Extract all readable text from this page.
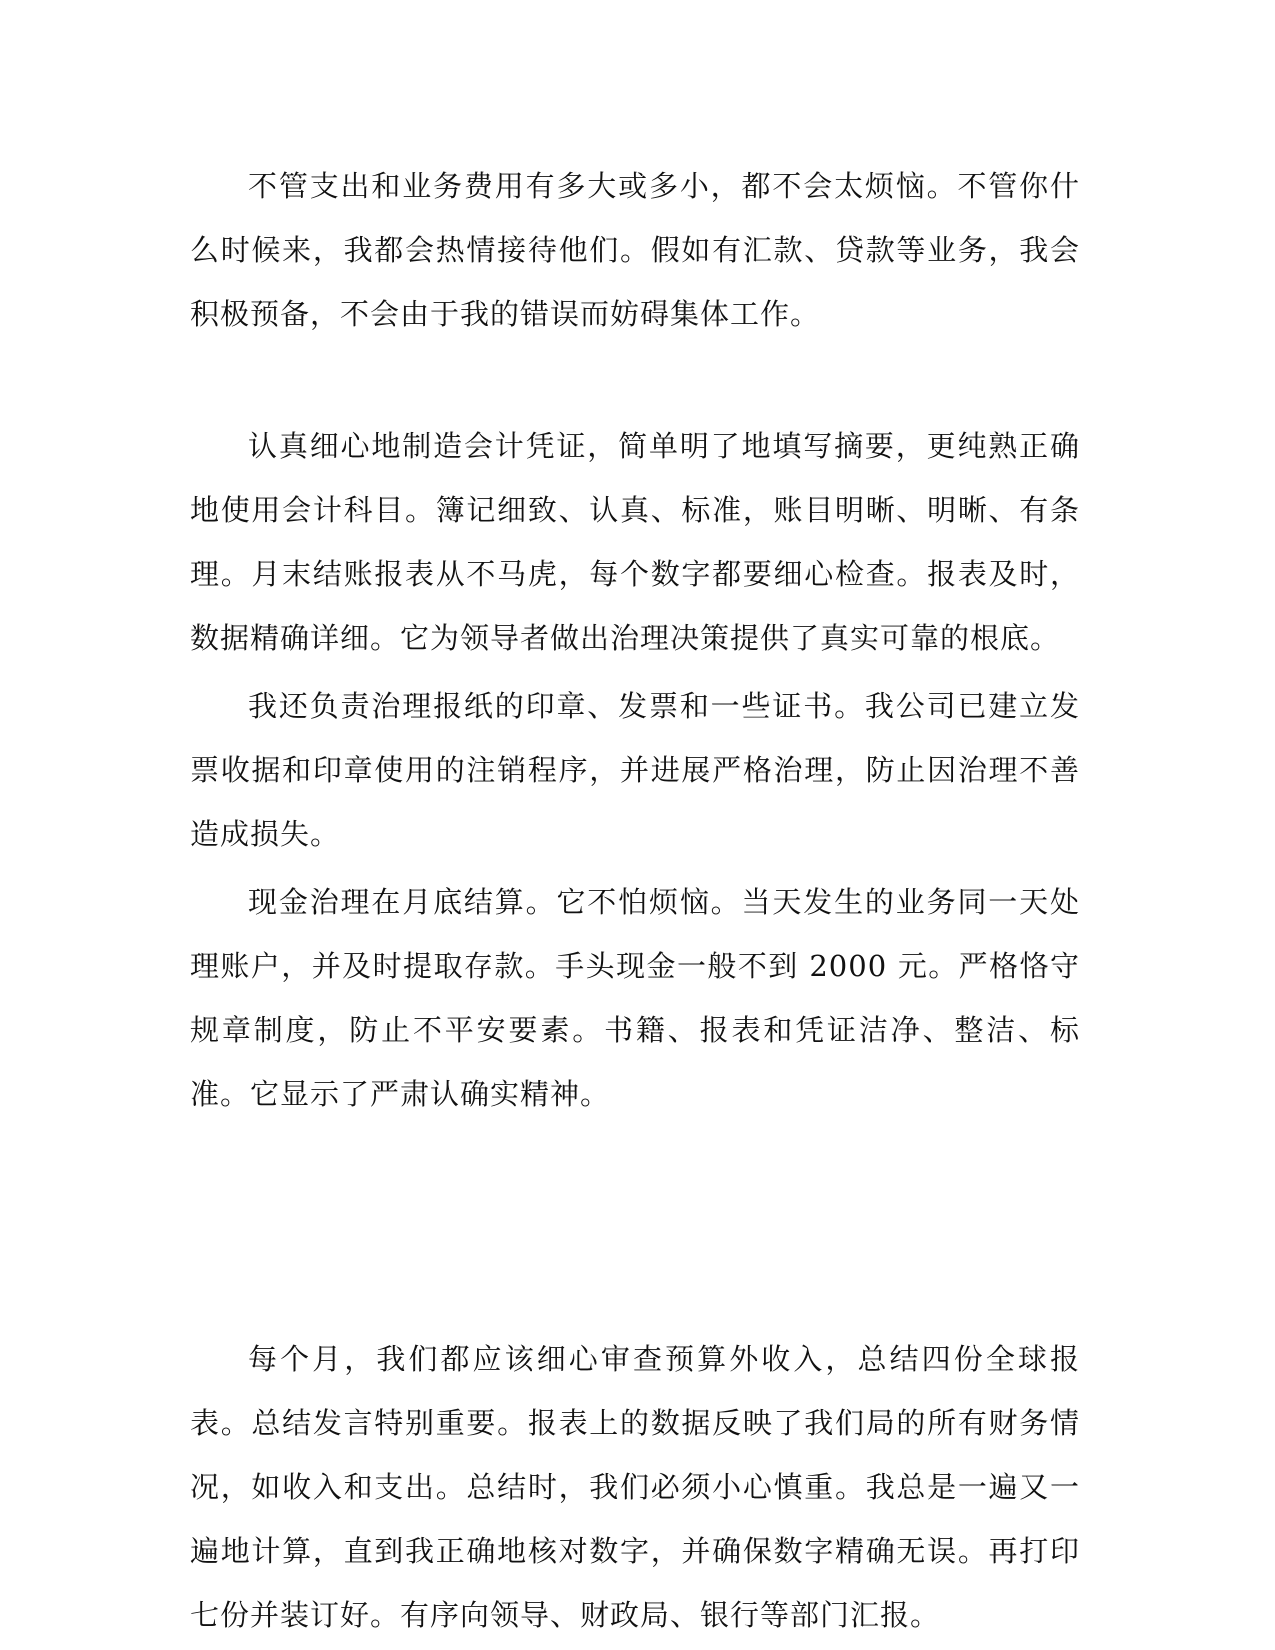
不管支出和业务费用有多大或多小，都不会太烦恼。不管你什么时候来，我都会热情接待他们。假如有汇款、贷款等业务，我会积极预备，不会由于我的错误而妨碍集体工作。

认真细心地制造会计凭证，简单明了地填写摘要，更纯熟正确地使用会计科目。簿记细致、认真、标准，账目明晰、明晰、有条理。月末结账报表从不马虎，每个数字都要细心检查。报表及时，数据精确详细。它为领导者做出治理决策提供了真实可靠的根底。

我还负责治理报纸的印章、发票和一些证书。我公司已建立发票收据和印章使用的注销程序，并进展严格治理，防止因治理不善造成损失。

现金治理在月底结算。它不怕烦恼。当天发生的业务同一天处理账户，并及时提取存款。手头现金一般不到 2000 元。严格恪守规章制度，防止不平安要素。书籍、报表和凭证洁净、整洁、标准。它显示了严肃认确实精神。

每个月，我们都应该细心审查预算外收入，总结四份全球报表。总结发言特别重要。报表上的数据反映了我们局的所有财务情况，如收入和支出。总结时，我们必须小心慎重。我总是一遍又一遍地计算，直到我正确地核对数字，并确保数字精确无误。再打印七份并装订好。有序向领导、财政局、银行等部门汇报。
